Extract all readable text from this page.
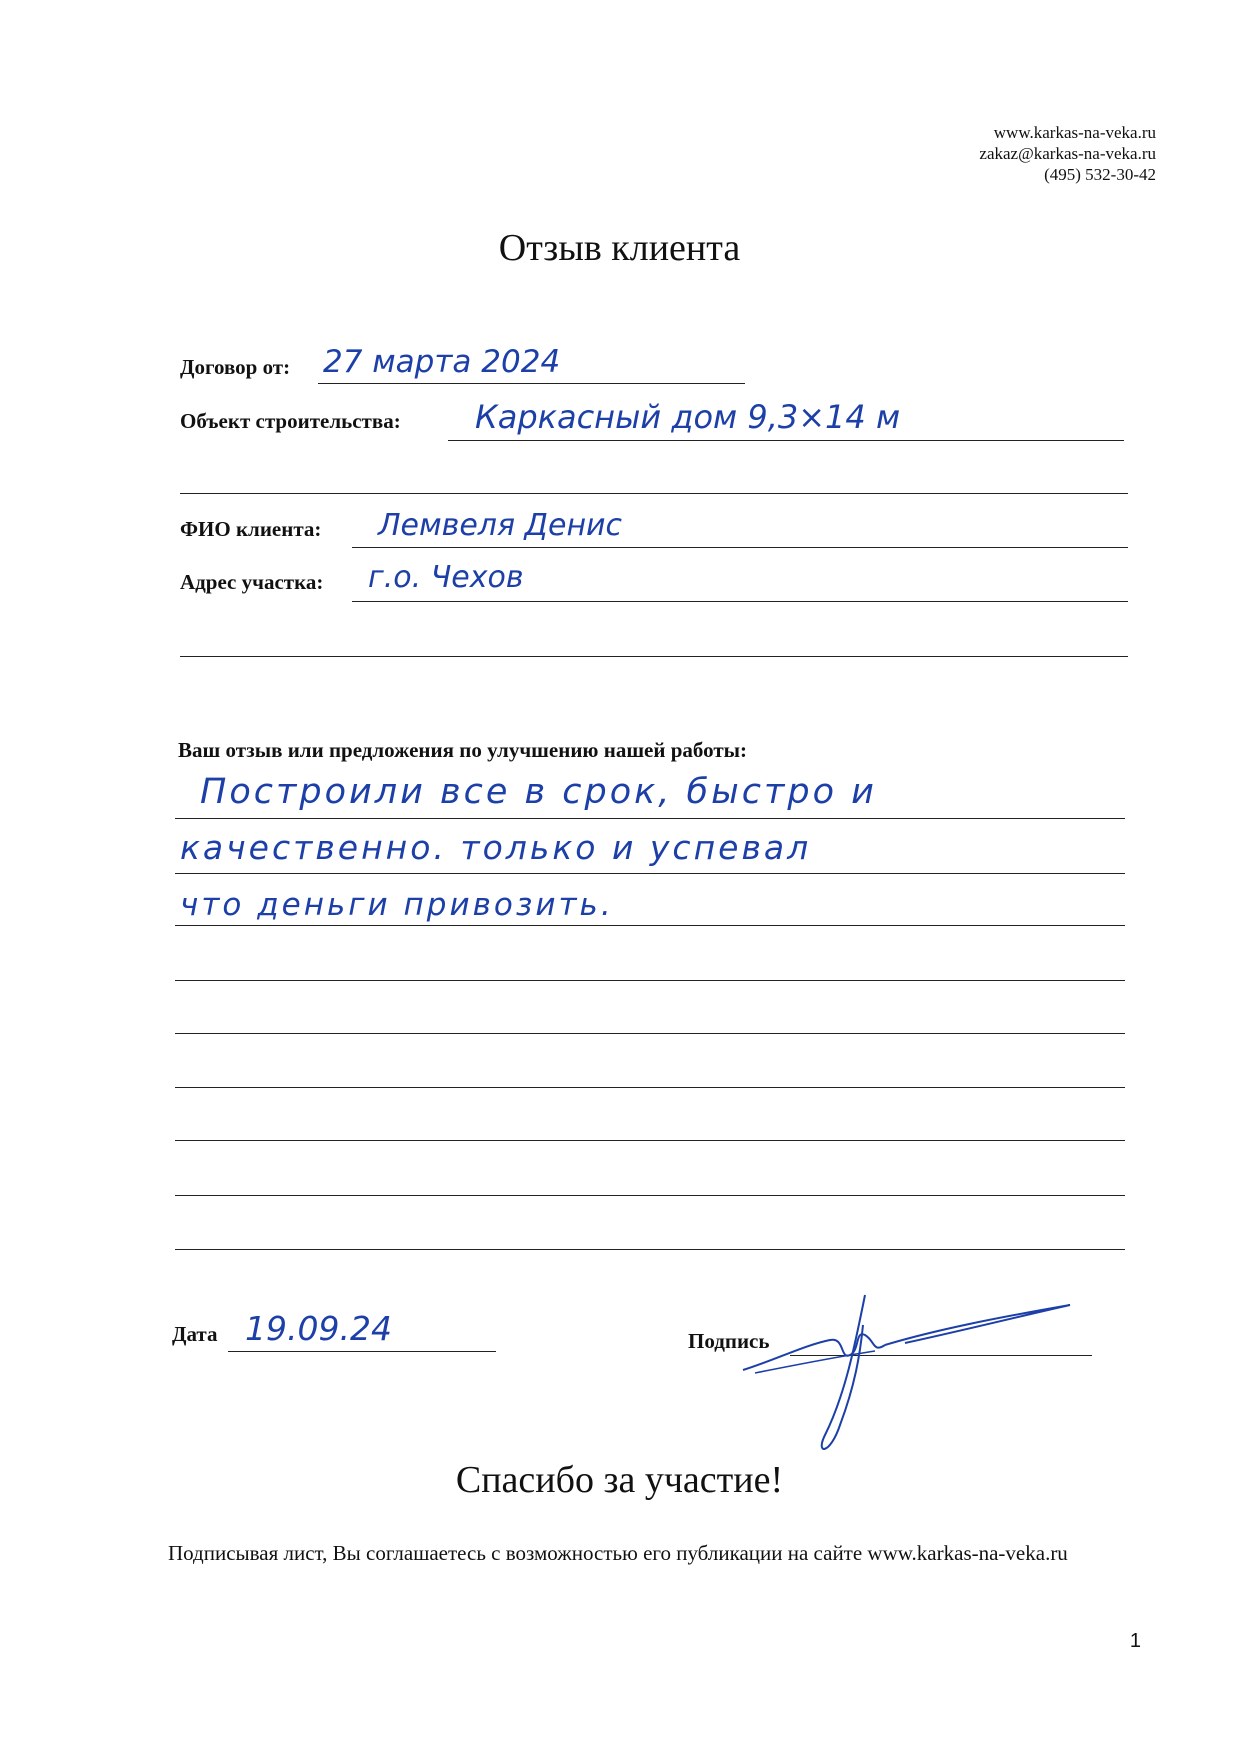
www.karkas-na-veka.ru
zakaz@karkas-na-veka.ru
(495) 532-30-42
Отзыв клиента
Договор от: 27 марта 2024
Объект строительства: Каркасный дом 9,3×14 м
ФИО клиента: Лемвеля Денис
Адрес участка: г.о. Чехов
Ваш отзыв или предложения по улучшению нашей работы:
Построили все в срок, быстро и
качественно. только и успевал
что деньги привозить.
Дата 19.09.24	Подпись
Спасибо за участие!
Подписывая лист, Вы соглашаетесь с возможностью его публикации на сайте www.karkas-na-veka.ru
1
